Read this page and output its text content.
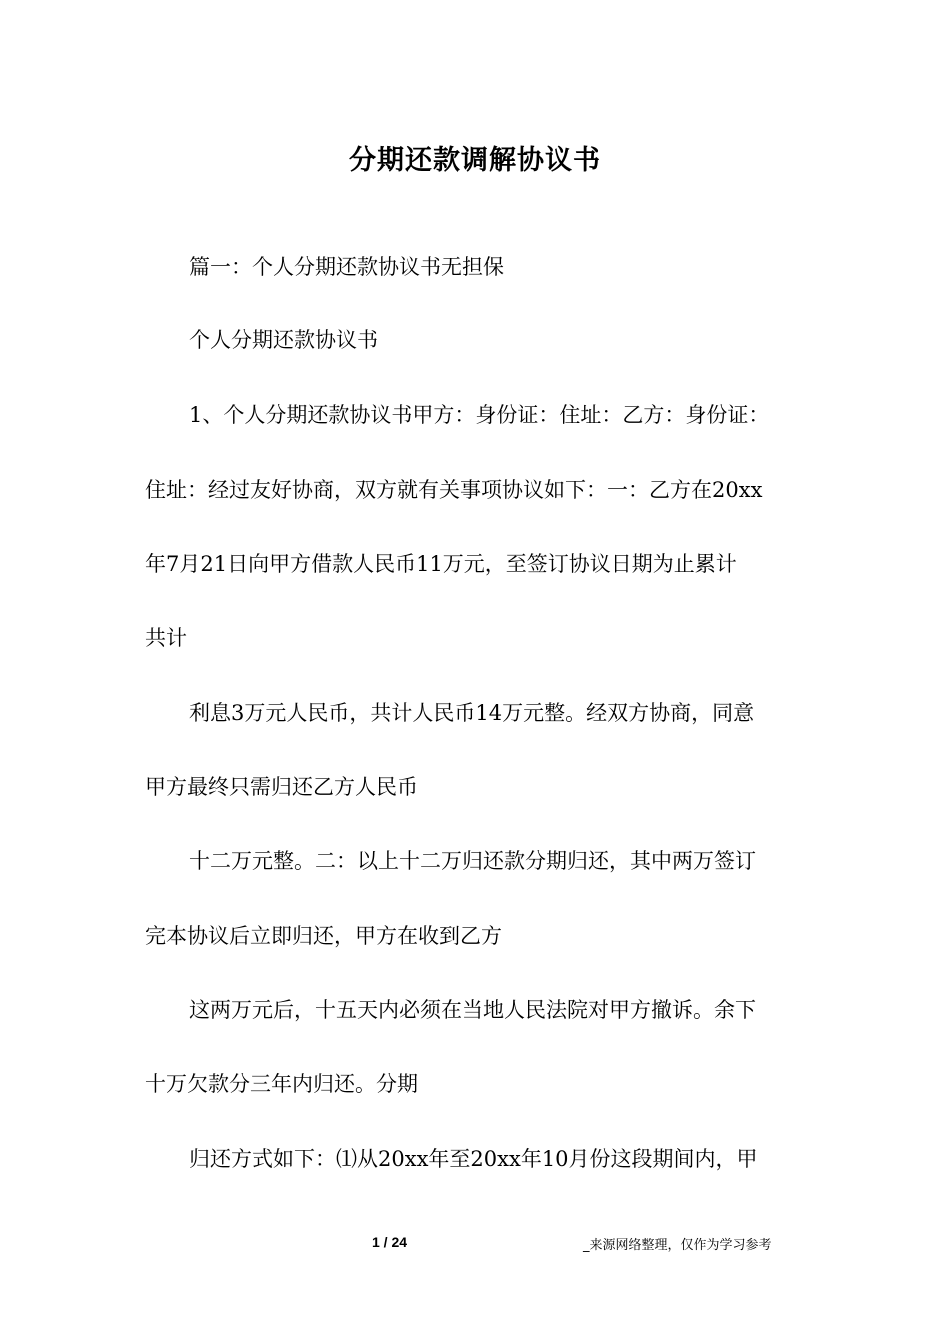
分期还款调解协议书
篇一：个人分期还款协议书无担保
个人分期还款协议书
1、个人分期还款协议书甲方：身份证：住址：乙方：身份证：
住址：经过友好协商，双方就有关事项协议如下：一：乙方在20xx
年7月21日向甲方借款人民币11万元，至签订协议日期为止累计
共计
利息3万元人民币，共计人民币14万元整。经双方协商，同意
甲方最终只需归还乙方人民币
十二万元整。二：以上十二万归还款分期归还，其中两万签订
完本协议后立即归还，甲方在收到乙方
这两万元后，十五天内必须在当地人民法院对甲方撤诉。余下
十万欠款分三年内归还。分期
归还方式如下：⑴从20xx年至20xx年10月份这段期间内，甲
1 / 24	_来源网络整理，仅作为学习参考
